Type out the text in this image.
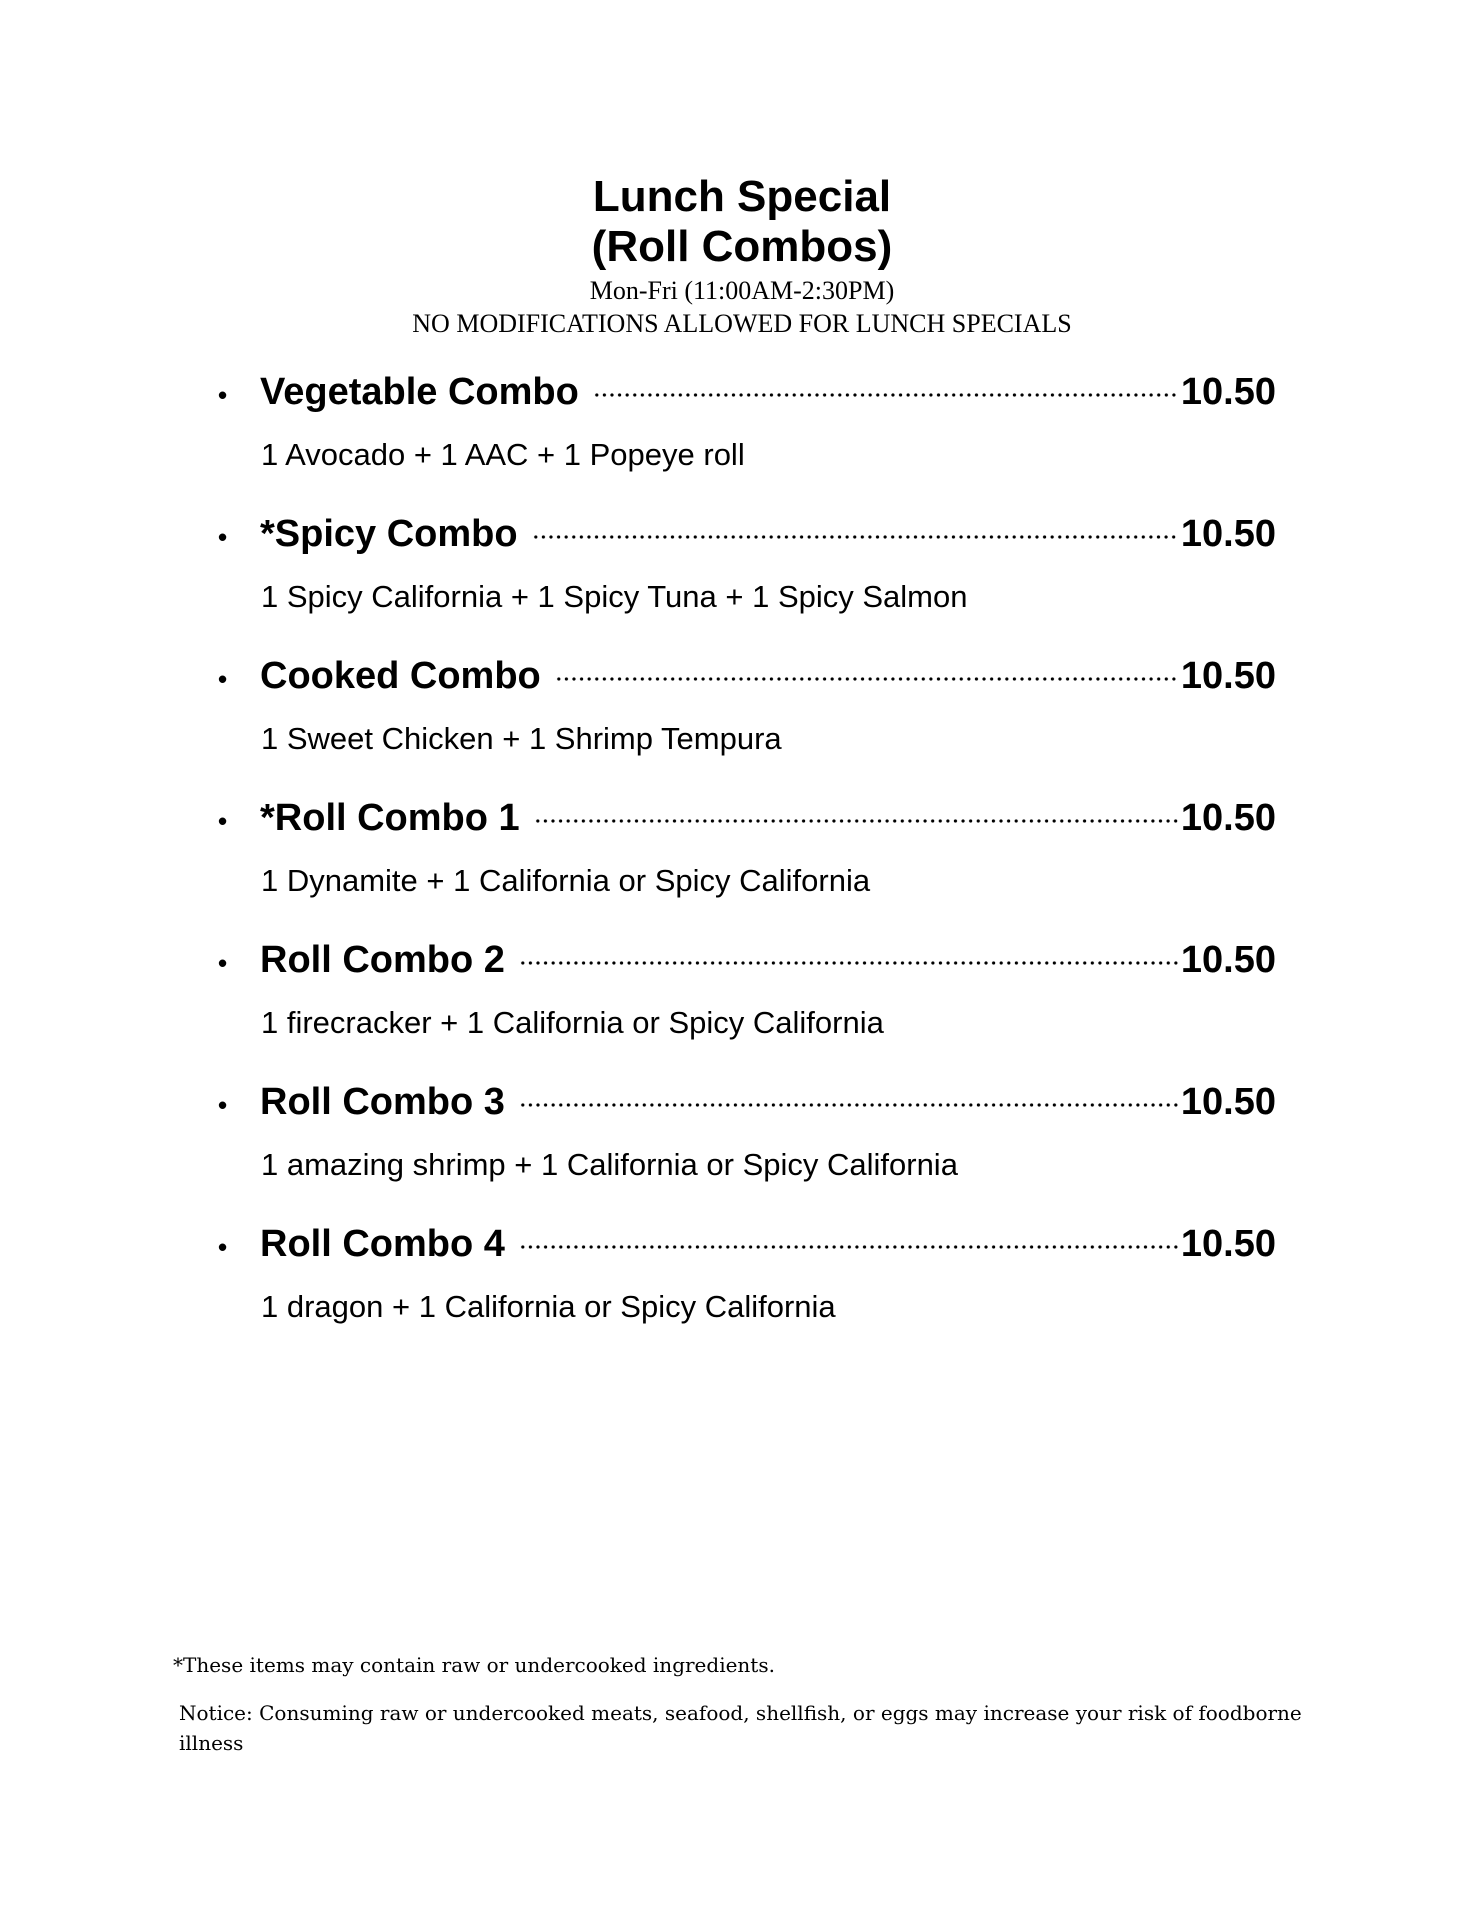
Lunch Special

(Roll Combos)

Mon-Fri (11:00AM-2:30PM)

NO MODIFICATIONS ALLOWED FOR LUNCH SPECIALS

• Vegetable Combo	10.50
1 Avocado + 1 AAC + 1 Popeye roll
• *Spicy Combo	10.50
1 Spicy California + 1 Spicy Tuna + 1 Spicy Salmon
• Cooked Combo	10.50
1 Sweet Chicken + 1 Shrimp Tempura
• *Roll Combo 1	10.50
1 Dynamite + 1 California or Spicy California
• Roll Combo 2	10.50
1 firecracker + 1 California or Spicy California
• Roll Combo 3	10.50
1 amazing shrimp + 1 California or Spicy California
• Roll Combo 4	10.50
1 dragon + 1 California or Spicy California

*These items may contain raw or undercooked ingredients.

Notice: Consuming raw or undercooked meats, seafood, shellfish, or eggs may increase your risk of foodborne illness
